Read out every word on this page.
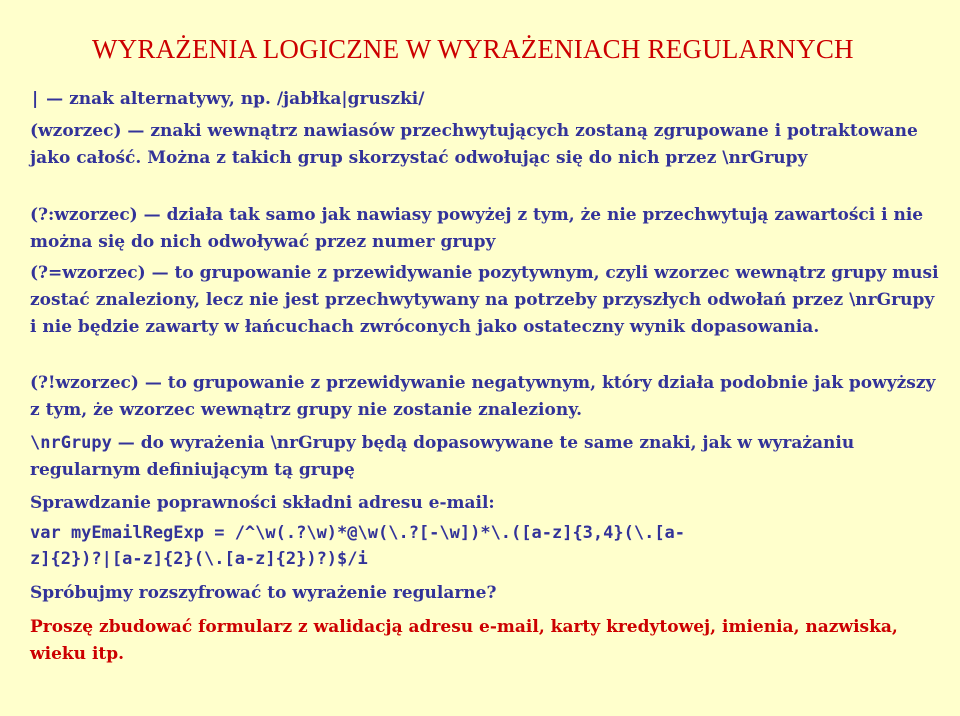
WYRAŻENIA LOGICZNE W WYRAŻENIACH REGULARNYCH
| — znak alternatywy, np. /jabłka|gruszki/
(wzorzec) — znaki wewnątrz nawiasów przechwytujących zostaną zgrupowane i potraktowane jako całość. Można z takich grup skorzystać odwołując się do nich przez \nrGrupy
(?:wzorzec) — działa tak samo jak nawiasy powyżej z tym, że nie przechwytują zawartości i nie można się do nich odwoływać przez numer grupy
(?=wzorzec) — to grupowanie z przewidywanie pozytywnym, czyli wzorzec wewnątrz grupy musi zostać znaleziony, lecz nie jest przechwytywany na potrzeby przyszłych odwołań przez \nrGrupy i nie będzie zawarty w łańcuchach zwróconych jako ostateczny wynik dopasowania.
(?!wzorzec) — to grupowanie z przewidywanie negatywnym, który działa podobnie jak powyższy z tym, że wzorzec wewnątrz grupy nie zostanie znaleziony.
\nrGrupy — do wyrażenia \nrGrupy będą dopasowywane te same znaki, jak w wyrażaniu regularnym definiującym tą grupę
Sprawdzanie poprawności składni adresu e-mail:
var myEmailRegExp = /^\w(.?\w)*@\w(\.?[-\w])*\.([a-z]{3,4}(\.[a-
z]{2})?|[a-z]{2}(\.[a-z]{2})?)$/i
Spróbujmy rozszyfrować to wyrażenie regularne?
Proszę zbudować formularz z walidacją adresu e-mail, karty kredytowej, imienia, nazwiska, wieku itp.
